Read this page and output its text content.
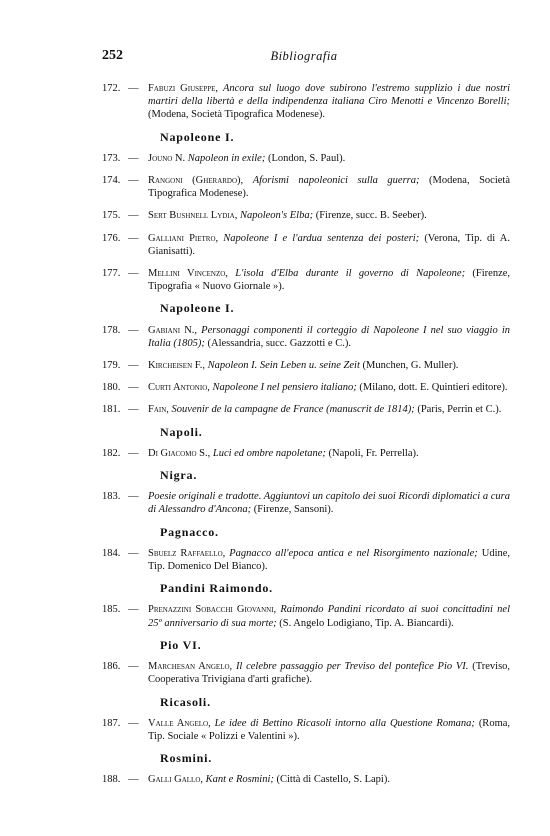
252	Bibliografia
172. — Fabuzi Giuseppe, Ancora sul luogo dove subirono l'estremo supplizio i due nostri martiri della libertà e della indipendenza italiana Ciro Menotti e Vincenzo Borelli; (Modena, Società Tipografica Modenese).
Napoleone I.
173. — Jouno N. Napoleon in exile; (London, S. Paul).
174. — Rangoni (Gherardo), Aforismi napoleonici sulla guerra; (Modena, Società Tipografica Modenese).
175. — Sert Bushnell Lydia, Napoleon's Elba; (Firenze, succ. B. Seeber).
176. — Galliani Pietro, Napoleone I e l'ardua sentenza dei posteri; (Verona, Tip. di A. Gianisatti).
177. — Mellini Vincenzo, L'isola d'Elba durante il governo di Napoleone; (Firenze, Tipografia « Nuovo Giornale »).
Napoleone I.
178. — Gabiani N., Personaggi componenti il corteggio di Napoleone I nel suo viaggio in Italia (1805); (Alessandria, succ. Gazzotti e C.).
179. — Kircheisen F., Napoleon I. Sein Leben u. seine Zeit (Munchen, G. Muller).
180. — Curti Antonio, Napoleone I nel pensiero italiano; (Milano, dott. E. Quintieri editore).
181. — Fain, Souvenir de la campagne de France (manuscrit de 1814); (Paris, Perrin et C.).
Napoli.
182. — Di Giacomo S., Luci ed ombre napoletane; (Napoli, Fr. Perrella).
Nigra.
183. — Poesie originali e tradotte. Aggiuntovi un capitolo dei suoi Ricordi diplomatici a cura di Alessandro d'Ancona; (Firenze, Sansoni).
Pagnacco.
184. — Sbuelz Raffaello, Pagnacco all'epoca antica e nel Risorgimento nazionale; Udine, Tip. Domenico Del Bianco).
Pandini Raimondo.
185. — Prenazzini Sobacchi Giovanni, Raimondo Pandini ricordato ai suoi concittadini nel 25º anniversario di sua morte; (S. Angelo Lodigiano, Tip. A. Biancardi).
Pio VI.
186. — Marchesan Angelo, Il celebre passaggio per Treviso del pontefice Pio VI. (Treviso, Cooperativa Trivigiana d'arti grafiche).
Ricasoli.
187. — Valle Angelo, Le idee di Bettino Ricasoli intorno alla Questione Romana; (Roma, Tip. Sociale « Polizzi e Valentini »).
Rosmini.
188. — Galli Gallo, Kant e Rosmini; (Città di Castello, S. Lapi).
